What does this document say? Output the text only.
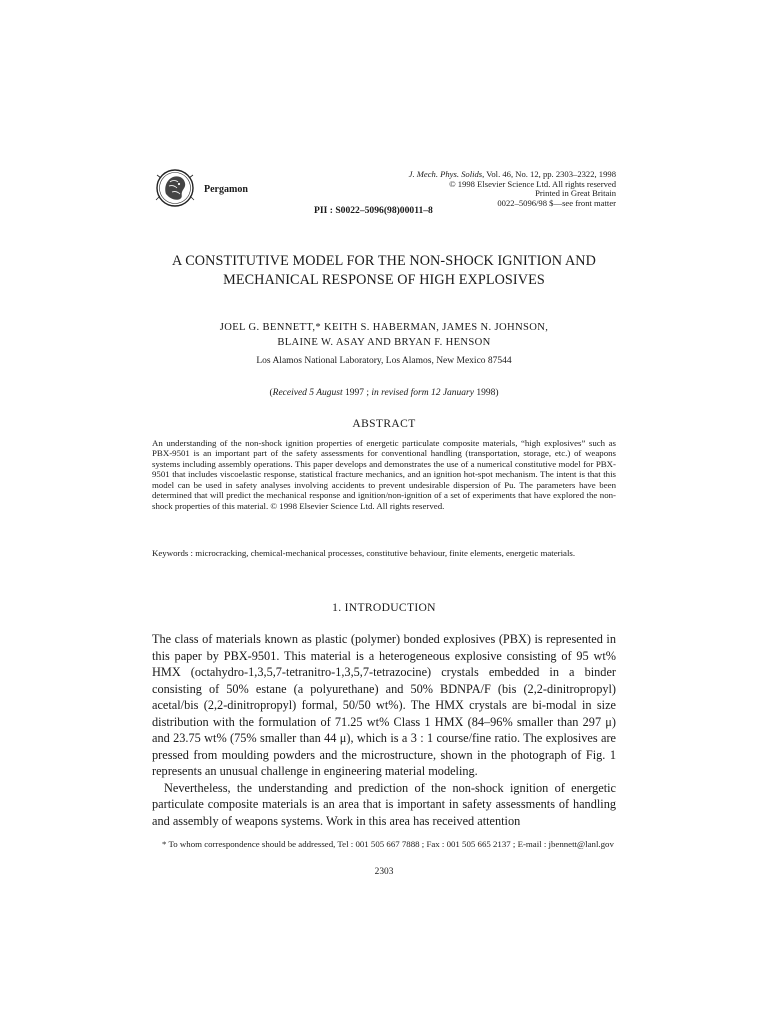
Pergamon
J. Mech. Phys. Solids, Vol. 46, No. 12, pp. 2303–2322, 1998
© 1998 Elsevier Science Ltd. All rights reserved
Printed in Great Britain
0022–5096/98 $—see front matter
PII : S0022–5096(98)00011–8
A CONSTITUTIVE MODEL FOR THE NON-SHOCK IGNITION AND MECHANICAL RESPONSE OF HIGH EXPLOSIVES
JOEL G. BENNETT,* KEITH S. HABERMAN, JAMES N. JOHNSON,
BLAINE W. ASAY AND BRYAN F. HENSON
Los Alamos National Laboratory, Los Alamos, New Mexico 87544
(Received 5 August 1997 ; in revised form 12 January 1998)
ABSTRACT

An understanding of the non-shock ignition properties of energetic particulate composite materials, “high explosives” such as PBX-9501 is an important part of the safety assessments for conventional handling (transportation, storage, etc.) of weapons systems including assembly operations. This paper develops and demonstrates the use of a numerical constitutive model for PBX-9501 that includes viscoelastic response, statistical fracture mechanics, and an ignition hot-spot mechanism. The intent is that this model can be used in safety analyses involving accidents to prevent undesirable dispersion of Pu. The parameters have been determined that will predict the mechanical response and ignition/non-ignition of a set of experiments that have explored the non-shock properties of this material. © 1998 Elsevier Science Ltd. All rights reserved.

Keywords : microcracking, chemical-mechanical processes, constitutive behaviour, finite elements, energetic materials.

1. INTRODUCTION

The class of materials known as plastic (polymer) bonded explosives (PBX) is represented in this paper by PBX-9501. This material is a heterogeneous explosive consisting of 95 wt% HMX (octahydro-1,3,5,7-tetranitro-1,3,5,7-tetrazocine) crystals embedded in a binder consisting of 50% estane (a polyurethane) and 50% BDNPA/F (bis (2,2-dinitropropyl) acetal/bis (2,2-dinitropropyl) formal, 50/50 wt%). The HMX crystals are bi-modal in size distribution with the formulation of 71.25 wt% Class 1 HMX (84–96% smaller than 297 μ) and 23.75 wt% (75% smaller than 44 μ), which is a 3 : 1 course/fine ratio. The explosives are pressed from moulding powders and the microstructure, shown in the photograph of Fig. 1 represents an unusual challenge in engineering material modeling.

Nevertheless, the understanding and prediction of the non-shock ignition of energetic particulate composite materials is an area that is important in safety assessments of handling and assembly of weapons systems. Work in this area has received attention

* To whom correspondence should be addressed, Tel : 001 505 667 7888 ; Fax : 001 505 665 2137 ; E-mail : jbennett@lanl.gov

2303
